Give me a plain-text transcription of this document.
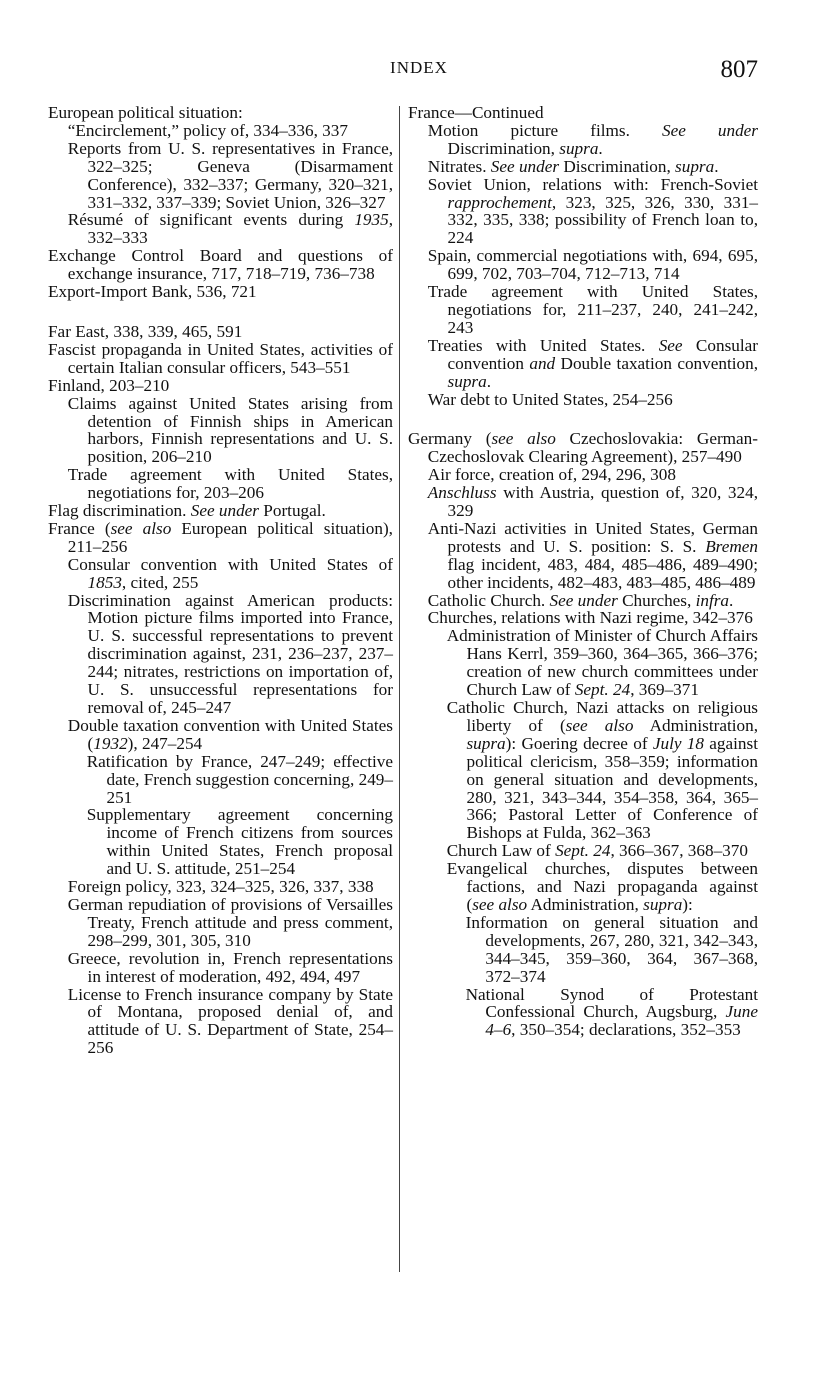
INDEX	807

European political situation:

“Encirclement,” policy of, 334–336, 337

Reports from U. S. representatives in France, 322–325; Geneva (Disarmament Conference), 332–337; Germany, 320–321, 331–332, 337–339; Soviet Union, 326–327

Résumé of significant events during 1935, 332–333

Exchange Control Board and questions of exchange insurance, 717, 718–719, 736–738

Export-Import Bank, 536, 721

Far East, 338, 339, 465, 591

Fascist propaganda in United States, activities of certain Italian consular officers, 543–551

Finland, 203–210

Claims against United States arising from detention of Finnish ships in American harbors, Finnish representations and U. S. position, 206–210

Trade agreement with United States, negotiations for, 203–206

Flag discrimination. See under Portugal.

France (see also European political situation), 211–256

Consular convention with United States of 1853, cited, 255

Discrimination against American products: Motion picture films imported into France, U. S. successful representations to prevent discrimination against, 231, 236–237, 237–244; nitrates, restrictions on importation of, U. S. unsuccessful representations for removal of, 245–247

Double taxation convention with United States (1932), 247–254

Ratification by France, 247–249; effective date, French suggestion concerning, 249–251

Supplementary agreement concerning income of French citizens from sources within United States, French proposal and U. S. attitude, 251–254

Foreign policy, 323, 324–325, 326, 337, 338

German repudiation of provisions of Versailles Treaty, French attitude and press comment, 298–299, 301, 305, 310

Greece, revolution in, French representations in interest of moderation, 492, 494, 497

License to French insurance company by State of Montana, proposed denial of, and attitude of U. S. Department of State, 254–256

France—Continued

Motion picture films. See under Discrimination, supra.

Nitrates. See under Discrimination, supra.

Soviet Union, relations with: French-Soviet rapprochement, 323, 325, 326, 330, 331–332, 335, 338; possibility of French loan to, 224

Spain, commercial negotiations with, 694, 695, 699, 702, 703–704, 712–713, 714

Trade agreement with United States, negotiations for, 211–237, 240, 241–242, 243

Treaties with United States. See Consular convention and Double taxation convention, supra.

War debt to United States, 254–256

Germany (see also Czechoslovakia: German-Czechoslovak Clearing Agreement), 257–490

Air force, creation of, 294, 296, 308

Anschluss with Austria, question of, 320, 324, 329

Anti-Nazi activities in United States, German protests and U. S. position: S. S. Bremen flag incident, 483, 484, 485–486, 489–490; other incidents, 482–483, 483–485, 486–489

Catholic Church. See under Churches, infra.

Churches, relations with Nazi regime, 342–376

Administration of Minister of Church Affairs Hans Kerrl, 359–360, 364–365, 366–376; creation of new church committees under Church Law of Sept. 24, 369–371

Catholic Church, Nazi attacks on religious liberty of (see also Administration, supra): Goering decree of July 18 against political clericism, 358–359; information on general situation and developments, 280, 321, 343–344, 354–358, 364, 365–366; Pastoral Letter of Conference of Bishops at Fulda, 362–363

Church Law of Sept. 24, 366–367, 368–370

Evangelical churches, disputes between factions, and Nazi propaganda against (see also Administration, supra):

Information on general situation and developments, 267, 280, 321, 342–343, 344–345, 359–360, 364, 367–368, 372–374

National Synod of Protestant Confessional Church, Augsburg, June 4–6, 350–354; declarations, 352–353
